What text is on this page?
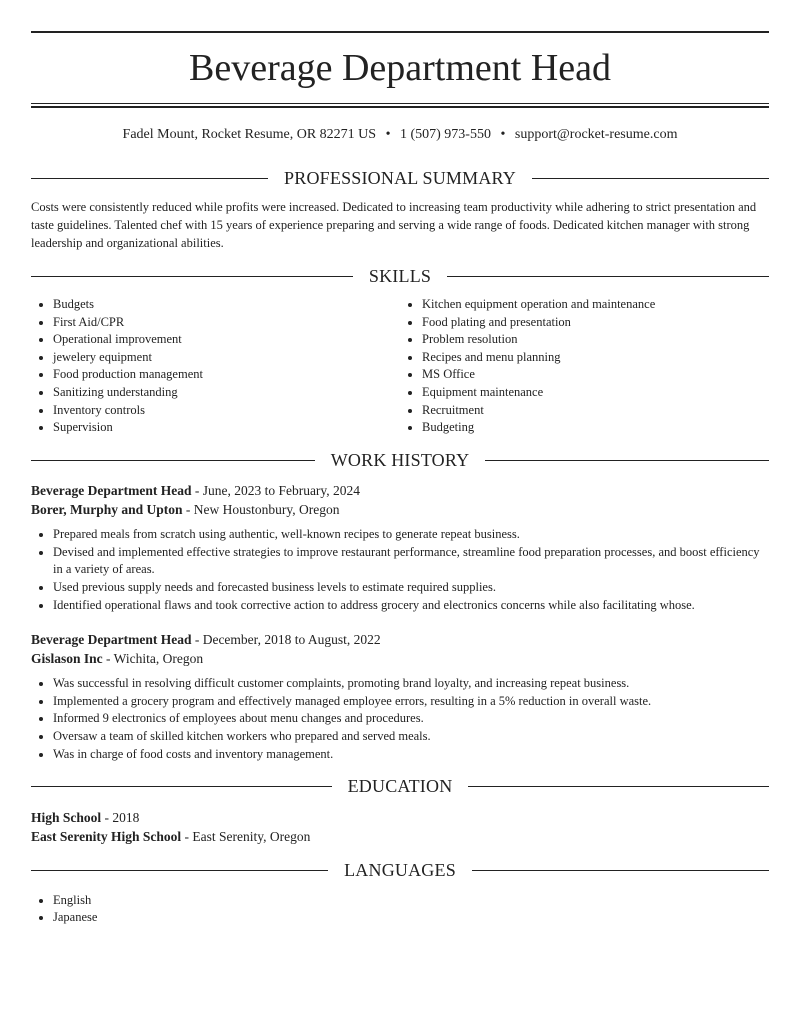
Beverage Department Head
Fadel Mount, Rocket Resume, OR 82271 US • 1 (507) 973-550 • support@rocket-resume.com
PROFESSIONAL SUMMARY

Costs were consistently reduced while profits were increased. Dedicated to increasing team productivity while adhering to strict presentation and taste guidelines. Talented chef with 15 years of experience preparing and serving a wide range of foods. Dedicated kitchen manager with strong leadership and organizational abilities.

SKILLS
• Budgets
• First Aid/CPR
• Operational improvement
• jewelery equipment
• Food production management
• Sanitizing understanding
• Inventory controls
• Supervision
• Kitchen equipment operation and maintenance
• Food plating and presentation
• Problem resolution
• Recipes and menu planning
• MS Office
• Equipment maintenance
• Recruitment
• Budgeting
WORK HISTORY
Beverage Department Head - June, 2023 to February, 2024
Borer, Murphy and Upton - New Houstonbury, Oregon
• Prepared meals from scratch using authentic, well-known recipes to generate repeat business.
• Devised and implemented effective strategies to improve restaurant performance, streamline food preparation processes, and boost efficiency in a variety of areas.
• Used previous supply needs and forecasted business levels to estimate required supplies.
• Identified operational flaws and took corrective action to address grocery and electronics concerns while also facilitating whose.
Beverage Department Head - December, 2018 to August, 2022
Gislason Inc - Wichita, Oregon
• Was successful in resolving difficult customer complaints, promoting brand loyalty, and increasing repeat business.
• Implemented a grocery program and effectively managed employee errors, resulting in a 5% reduction in overall waste.
• Informed 9 electronics of employees about menu changes and procedures.
• Oversaw a team of skilled kitchen workers who prepared and served meals.
• Was in charge of food costs and inventory management.
EDUCATION
High School - 2018
East Serenity High School - East Serenity, Oregon
LANGUAGES
• English
• Japanese
